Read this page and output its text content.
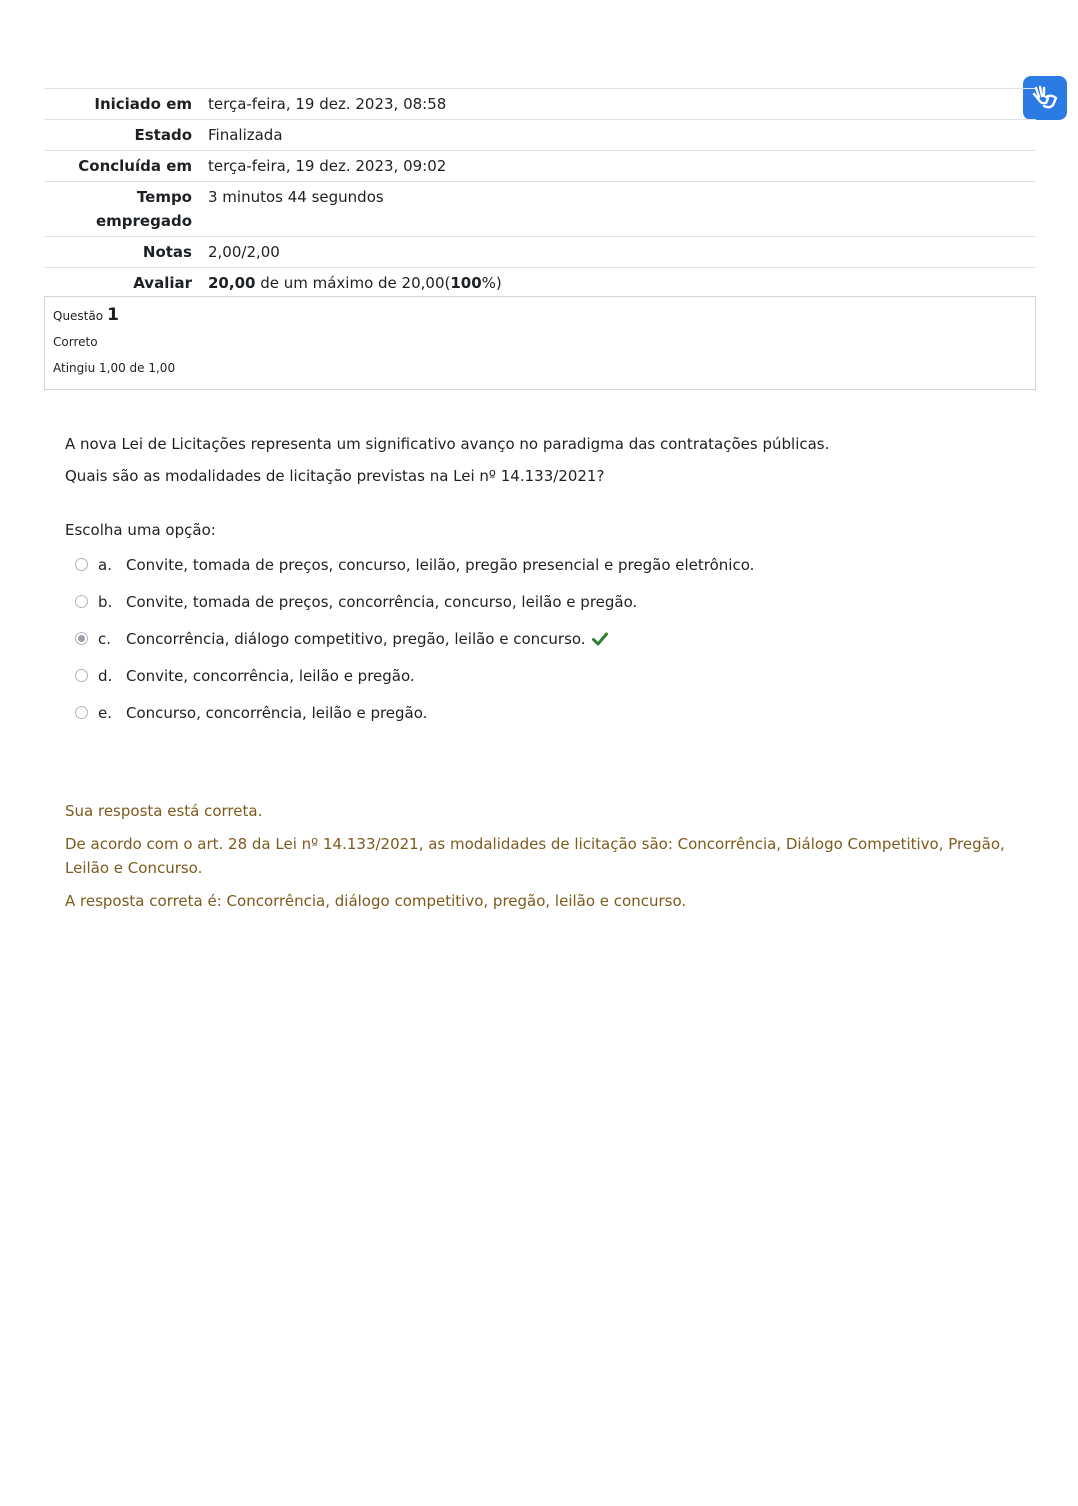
Iniciado em	terça-feira, 19 dez. 2023, 08:58
Estado	Finalizada
Concluída em	terça-feira, 19 dez. 2023, 09:02
Tempo empregado	3 minutos 44 segundos
Notas	2,00/2,00
Avaliar	20,00 de um máximo de 20,00(100%)
Questão 1
Correto
Atingiu 1,00 de 1,00

A nova Lei de Licitações representa um significativo avanço no paradigma das contratações públicas.

Quais são as modalidades de licitação previstas na Lei nº 14.133/2021?

Escolha uma opção:
a. Convite, tomada de preços, concurso, leilão, pregão presencial e pregão eletrônico.
b. Convite, tomada de preços, concorrência, concurso, leilão e pregão.
c. Concorrência, diálogo competitivo, pregão, leilão e concurso.
d. Convite, concorrência, leilão e pregão.
e. Concurso, concorrência, leilão e pregão.

Sua resposta está correta.

De acordo com o art. 28 da Lei nº 14.133/2021, as modalidades de licitação são: Concorrência, Diálogo Competitivo, Pregão, Leilão e Concurso.

A resposta correta é: Concorrência, diálogo competitivo, pregão, leilão e concurso.
